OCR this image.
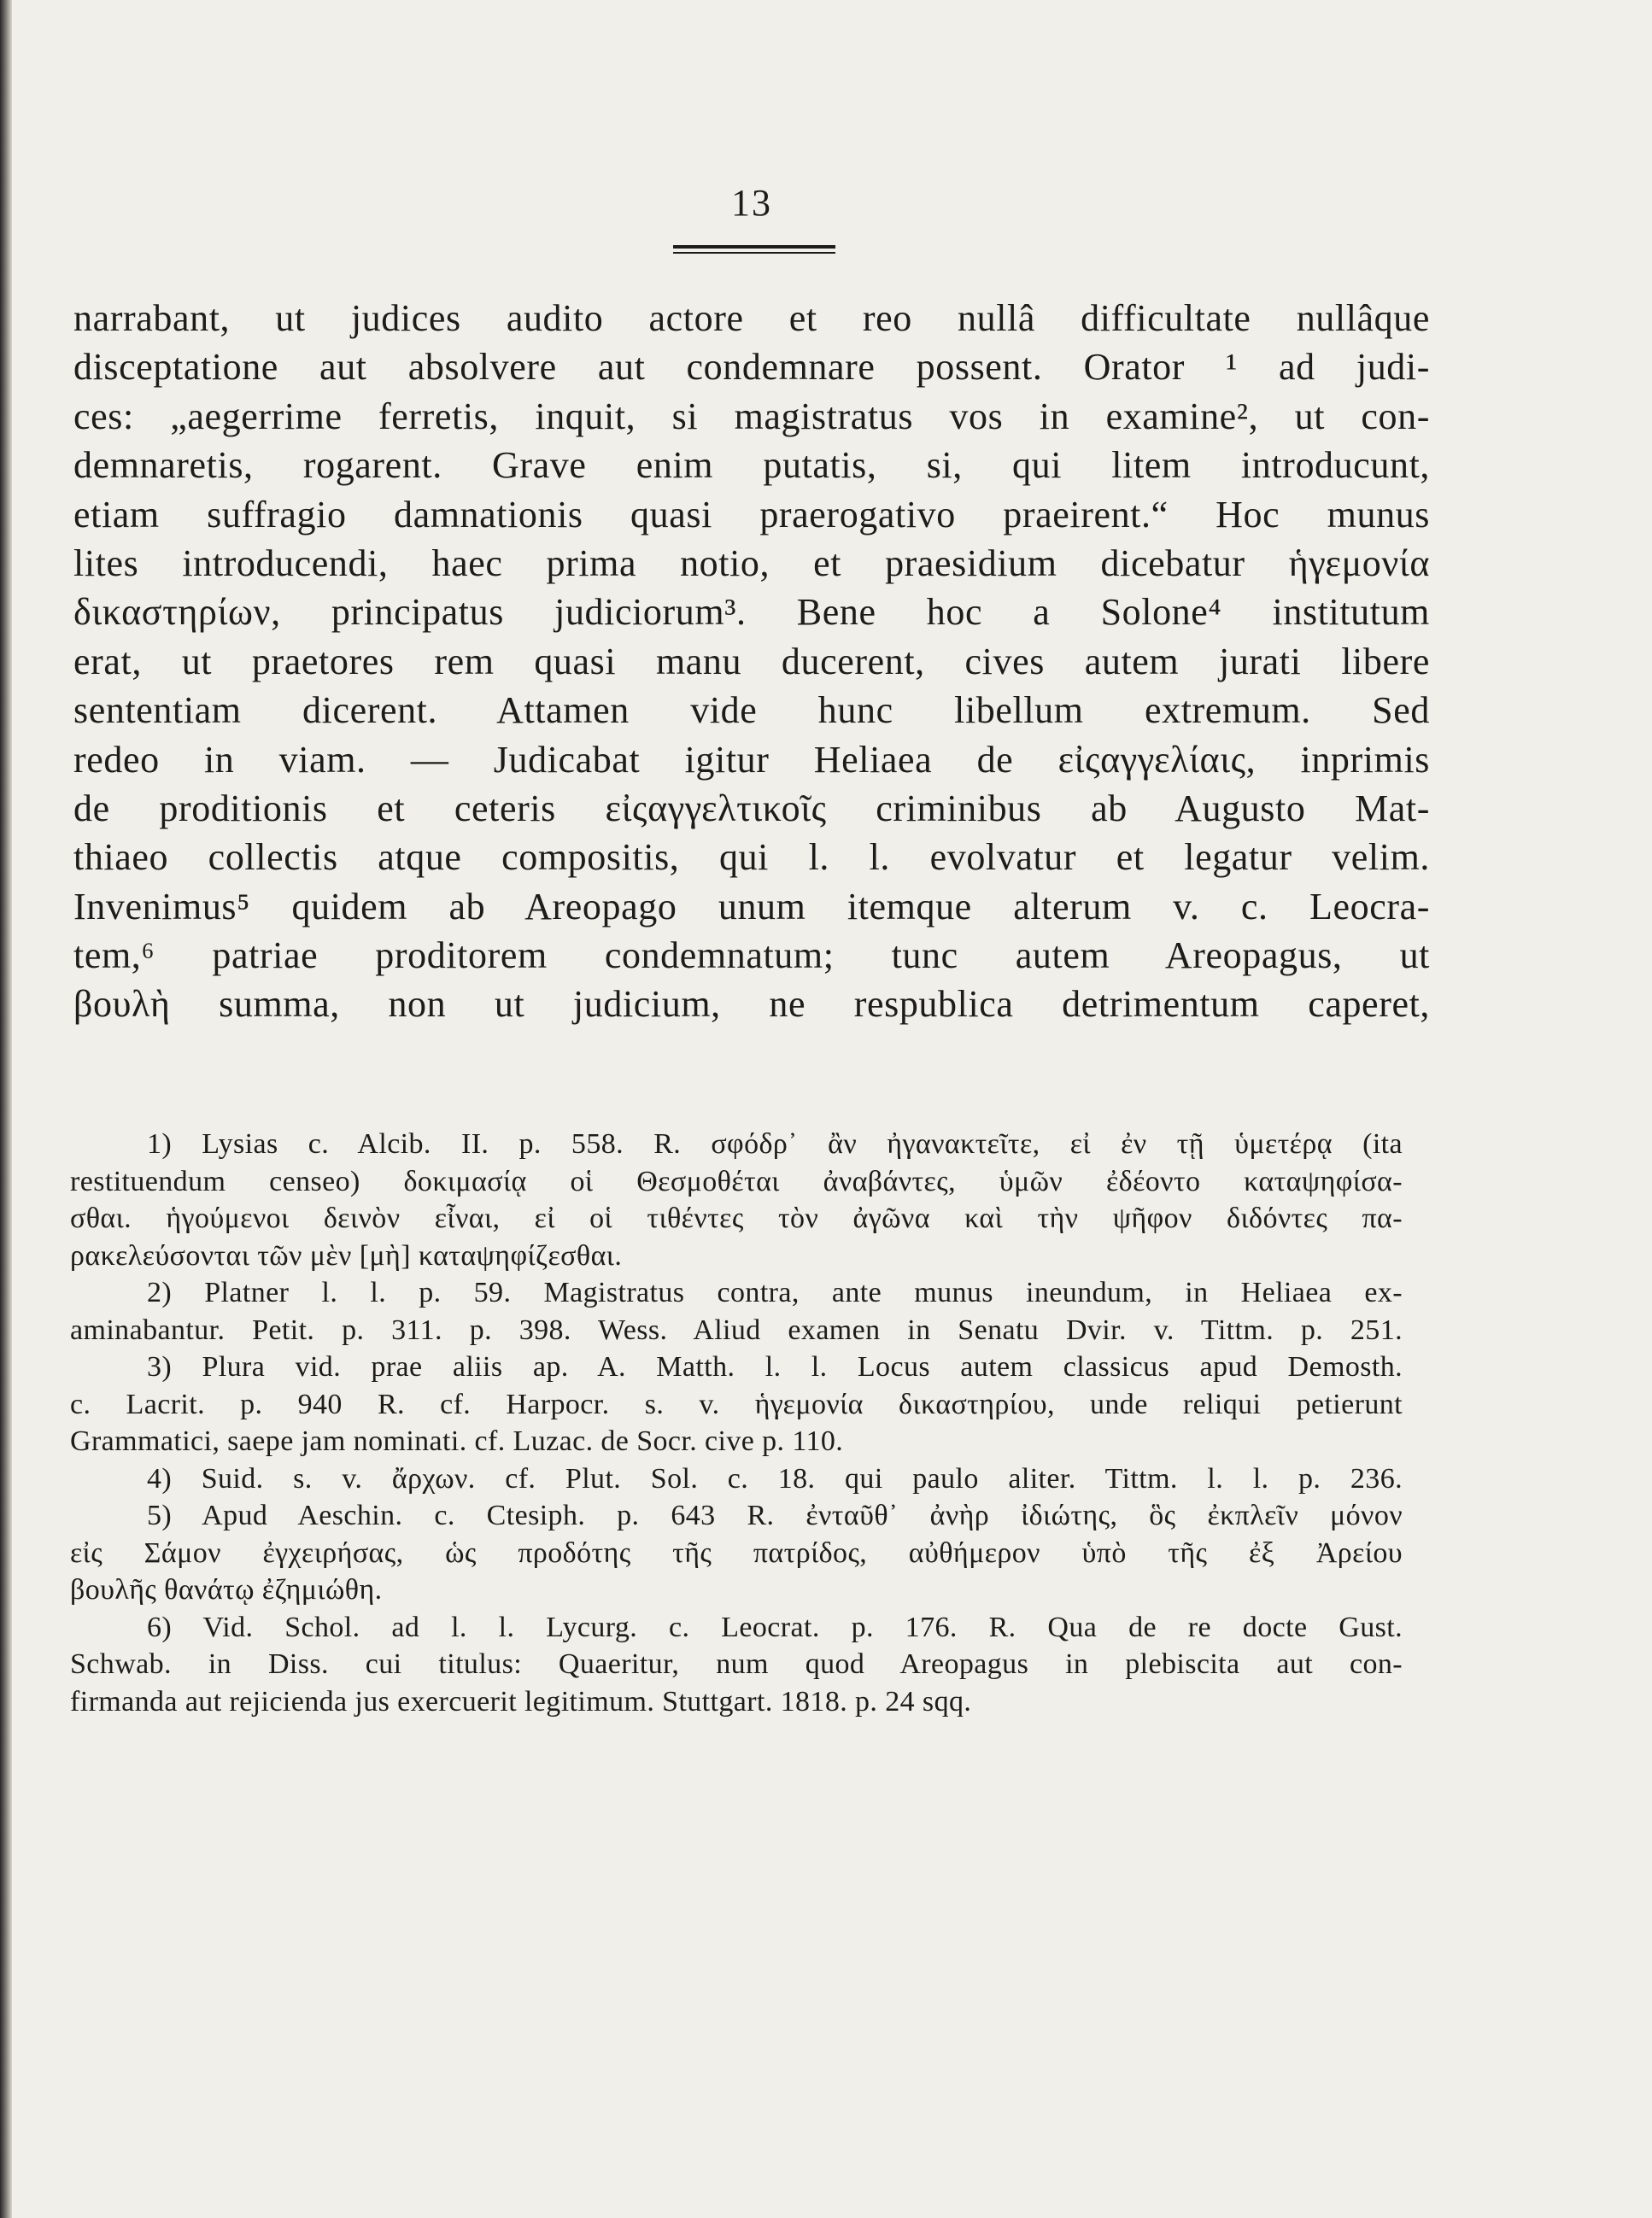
13
narrabant, ut judices audito actore et reo nullâ difficultate nullâque
disceptatione aut absolvere aut condemnare possent. Orator ¹ ad judi-
ces: „aegerrime ferretis, inquit, si magistratus vos in examine², ut con-
demnaretis, rogarent. Grave enim putatis, si, qui litem introducunt,
etiam suffragio damnationis quasi praerogativo praeirent.“ Hoc munus
lites introducendi, haec prima notio, et praesidium dicebatur ἡγεμονία
δικαστηρίων, principatus judiciorum³. Bene hoc a Solone⁴ institutum
erat, ut praetores rem quasi manu ducerent, cives autem jurati libere
sententiam dicerent. Attamen vide hunc libellum extremum. Sed
redeo in viam. — Judicabat igitur Heliaea de εἰςαγγελίαις, inprimis
de proditionis et ceteris εἰςαγγελτικοῖς criminibus ab Augusto Mat-
thiaeo collectis atque compositis, qui l. l. evolvatur et legatur velim.
Invenimus⁵ quidem ab Areopago unum itemque alterum v. c. Leocra-
tem,⁶ patriae proditorem condemnatum; tunc autem Areopagus, ut
βουλὴ summa, non ut judicium, ne respublica detrimentum caperet,
1) Lysias c. Alcib. II. p. 558. R. σφόδρ᾽ ἂν ἠγανακτεῖτε, εἰ ἐν τῇ ὑμετέρᾳ (ita
restituendum censeo) δοκιμασίᾳ οἱ Θεσμοθέται ἀναβάντες, ὑμῶν ἐδέοντο καταψηφίσα-
σθαι. ἡγούμενοι δεινὸν εἶναι, εἰ οἱ τιθέντες τὸν ἀγῶνα καὶ τὴν ψῆφον διδόντες πα-
ρακελεύσονται τῶν μὲν [μὴ] καταψηφίζεσθαι.
2) Platner l. l. p. 59. Magistratus contra, ante munus ineundum, in Heliaea ex-
aminabantur. Petit. p. 311. p. 398. Wess. Aliud examen in Senatu Dvir. v. Tittm. p. 251.
3) Plura vid. prae aliis ap. A. Matth. l. l. Locus autem classicus apud Demosth.
c. Lacrit. p. 940 R. cf. Harpocr. s. v. ἡγεμονία δικαστηρίου, unde reliqui petierunt
Grammatici, saepe jam nominati. cf. Luzac. de Socr. cive p. 110.
4) Suid. s. v. ἄρχων. cf. Plut. Sol. c. 18. qui paulo aliter. Tittm. l. l. p. 236.
5) Apud Aeschin. c. Ctesiph. p. 643 R. ἐνταῦθ᾽ ἀνὴρ ἰδιώτης, ὃς ἐκπλεῖν μόνον
εἰς Σάμον ἐγχειρήσας, ὡς προδότης τῆς πατρίδος, αὐθήμερον ὑπὸ τῆς ἐξ Ἀρείου
βουλῆς θανάτῳ ἐζημιώθη.
6) Vid. Schol. ad l. l. Lycurg. c. Leocrat. p. 176. R. Qua de re docte Gust.
Schwab. in Diss. cui titulus: Quaeritur, num quod Areopagus in plebiscita aut con-
firmanda aut rejicienda jus exercuerit legitimum. Stuttgart. 1818. p. 24 sqq.
